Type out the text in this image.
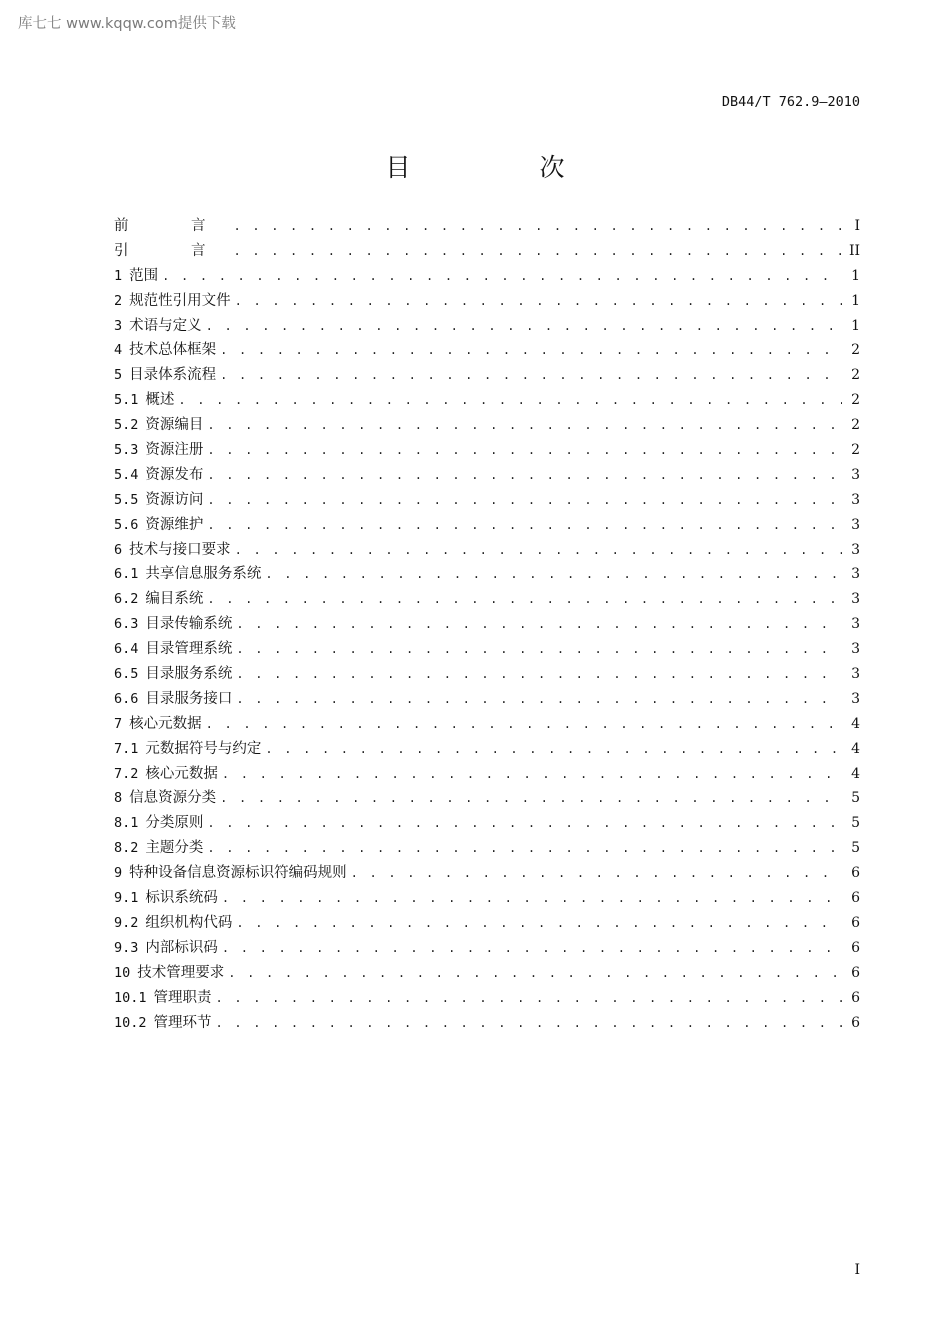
库七七 www.kqqw.com提供下载
DB44/T 762.9—2010
目　次
前　言 . . .	I
引　言 . . .	II
1 范围 . . .	1
2 规范性引用文件 . . .	1
3 术语与定义 . . .	1
4 技术总体框架 . . .	2
5 目录体系流程 . . .	2
5.1 概述 . . .	2
5.2 资源编目 . . .	2
5.3 资源注册 . . .	2
5.4 资源发布 . . .	3
5.5 资源访问 . . .	3
5.6 资源维护 . . .	3
6 技术与接口要求 . . .	3
6.1 共享信息服务系统 . . .	3
6.2 编目系统 . . .	3
6.3 目录传输系统 . . .	3
6.4 目录管理系统 . . .	3
6.5 目录服务系统 . . .	3
6.6 目录服务接口 . . .	3
7 核心元数据 . . .	4
7.1 元数据符号与约定 . . .	4
7.2 核心元数据 . . .	4
8 信息资源分类 . . .	5
8.1 分类原则 . . .	5
8.2 主题分类 . . .	5
9 特种设备信息资源标识符编码规则 . . .	6
9.1 标识系统码 . . .	6
9.2 组织机构代码 . . .	6
9.3 内部标识码 . . .	6
10 技术管理要求 . . .	6
10.1 管理职责 . . .	6
10.2 管理环节 . . .	6
I
